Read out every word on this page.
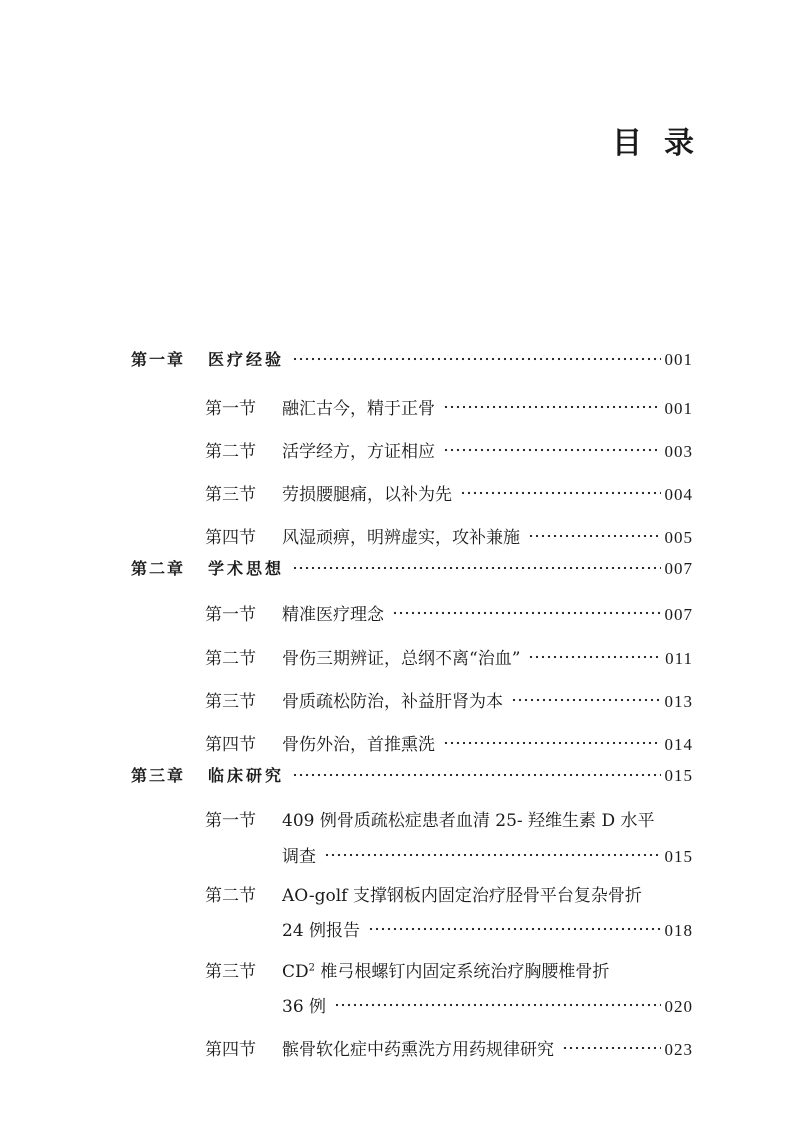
目 录
第一章	医疗经验	001
第一节	融汇古今，精于正骨	001
第二节	活学经方，方证相应	003
第三节	劳损腰腿痛，以补为先	004
第四节	风湿顽痹，明辨虚实，攻补兼施	005
第二章	学术思想	007
第一节	精准医疗理念	007
第二节	骨伤三期辨证，总纲不离“治血”	011
第三节	骨质疏松防治，补益肝肾为本	013
第四节	骨伤外治，首推熏洗	014
第三章	临床研究	015
第一节	409 例骨质疏松症患者血清 25- 羟维生素 D 水平
调查	015
第二节	AO-golf 支撑钢板内固定治疗胫骨平台复杂骨折
24 例报告	018
第三节	$CD^2$ 椎弓根螺钉内固定系统治疗胸腰椎骨折
36 例	020
第四节	髌骨软化症中药熏洗方用药规律研究	023
